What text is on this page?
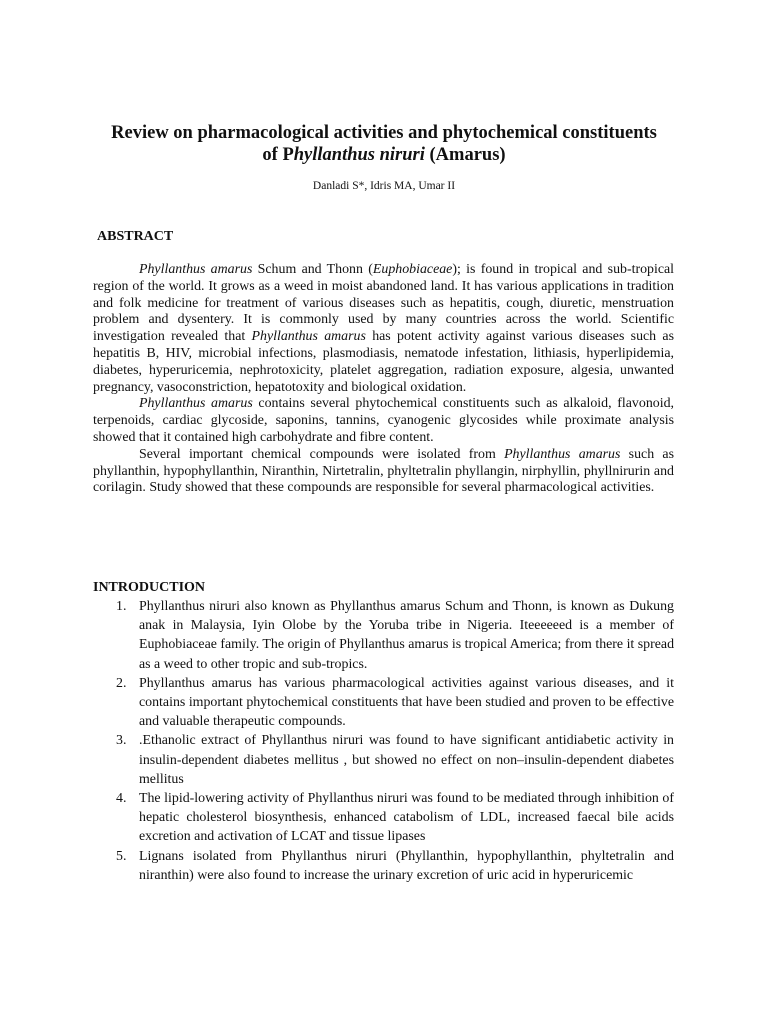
Review on pharmacological activities and phytochemical constituents
of Phyllanthus niruri (Amarus)
Danladi S*, Idris MA, Umar II
ABSTRACT

Phyllanthus amarus Schum and Thonn (Euphobiaceae); is found in tropical and sub-tropical region of the world. It grows as a weed in moist abandoned land. It has various applications in tradition and folk medicine for treatment of various diseases such as hepatitis, cough, diuretic, menstruation problem and dysentery. It is commonly used by many countries across the world. Scientific investigation revealed that Phyllanthus amarus has potent activity against various diseases such as hepatitis B, HIV, microbial infections, plasmodiasis, nematode infestation, lithiasis, hyperlipidemia, diabetes, hyperuricemia, nephrotoxicity, platelet aggregation, radiation exposure, algesia, unwanted pregnancy, vasoconstriction, hepatotoxity and biological oxidation.

Phyllanthus amarus contains several phytochemical constituents such as alkaloid, flavonoid, terpenoids, cardiac glycoside, saponins, tannins, cyanogenic glycosides while proximate analysis showed that it contained high carbohydrate and fibre content.

Several important chemical compounds were isolated from Phyllanthus amarus such as phyllanthin, hypophyllanthin, Niranthin, Nirtetralin, phyltetralin phyllangin, nirphyllin, phyllnirurin and corilagin. Study showed that these compounds are responsible for several pharmacological activities.

INTRODUCTION
1. Phyllanthus niruri also known as Phyllanthus amarus Schum and Thonn, is known as Dukung anak in Malaysia, Iyin Olobe by the Yoruba tribe in Nigeria. Iteeeeeed is a member of Euphobiaceae family. The origin of Phyllanthus amarus is tropical America; from there it spread as a weed to other tropic and sub-tropics.
2. Phyllanthus amarus has various pharmacological activities against various diseases, and it contains important phytochemical constituents that have been studied and proven to be effective and valuable therapeutic compounds.
3. .Ethanolic extract of Phyllanthus niruri was found to have significant antidiabetic activity in insulin-dependent diabetes mellitus , but showed no effect on non–insulin-dependent diabetes mellitus
4. The lipid-lowering activity of Phyllanthus niruri was found to be mediated through inhibition of hepatic cholesterol biosynthesis, enhanced catabolism of LDL, increased faecal bile acids excretion and activation of LCAT and tissue lipases
5. Lignans isolated from Phyllanthus niruri (Phyllanthin, hypophyllanthin, phyltetralin and niranthin) were also found to increase the urinary excretion of uric acid in hyperuricemic
